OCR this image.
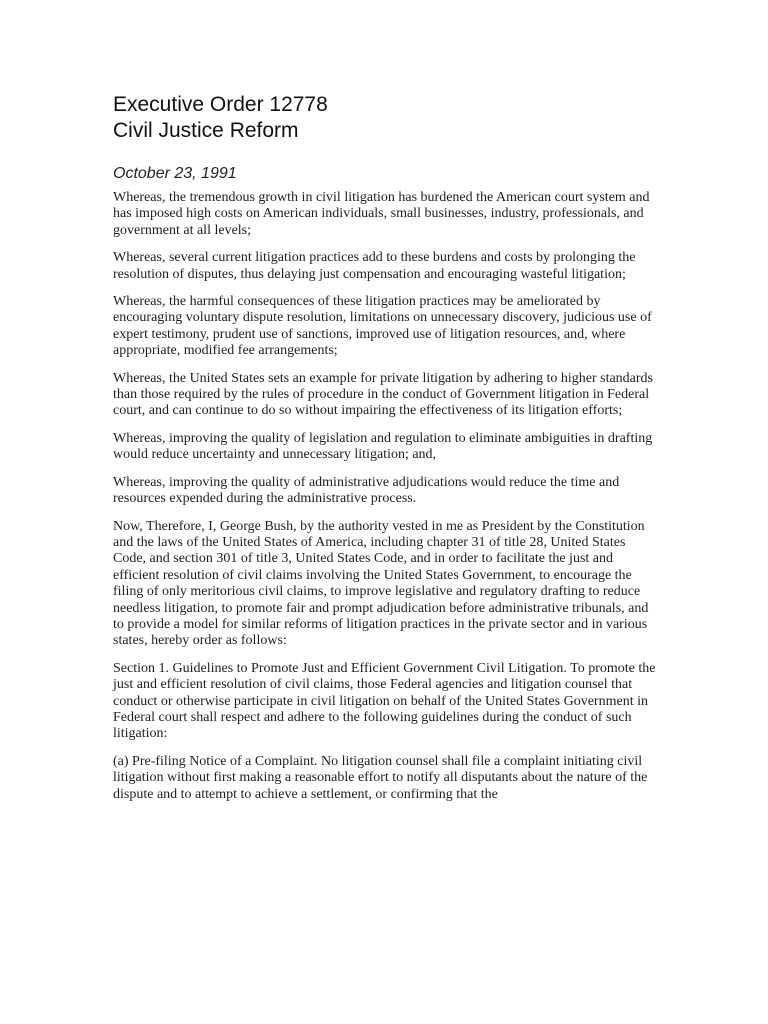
Executive Order 12778
Civil Justice Reform
October 23, 1991

Whereas, the tremendous growth in civil litigation has burdened the American court system and has imposed high costs on American individuals, small businesses, industry, professionals, and government at all levels;

Whereas, several current litigation practices add to these burdens and costs by prolonging the resolution of disputes, thus delaying just compensation and encouraging wasteful litigation;

Whereas, the harmful consequences of these litigation practices may be ameliorated by encouraging voluntary dispute resolution, limitations on unnecessary discovery, judicious use of expert testimony, prudent use of sanctions, improved use of litigation resources, and, where appropriate, modified fee arrangements;

Whereas, the United States sets an example for private litigation by adhering to higher standards than those required by the rules of procedure in the conduct of Government litigation in Federal court, and can continue to do so without impairing the effectiveness of its litigation efforts;

Whereas, improving the quality of legislation and regulation to eliminate ambiguities in drafting would reduce uncertainty and unnecessary litigation; and,

Whereas, improving the quality of administrative adjudications would reduce the time and resources expended during the administrative process.

Now, Therefore, I, George Bush, by the authority vested in me as President by the Constitution and the laws of the United States of America, including chapter 31 of title 28, United States Code, and section 301 of title 3, United States Code, and in order to facilitate the just and efficient resolution of civil claims involving the United States Government, to encourage the filing of only meritorious civil claims, to improve legislative and regulatory drafting to reduce needless litigation, to promote fair and prompt adjudication before administrative tribunals, and to provide a model for similar reforms of litigation practices in the private sector and in various states, hereby order as follows:

Section 1. Guidelines to Promote Just and Efficient Government Civil Litigation. To promote the just and efficient resolution of civil claims, those Federal agencies and litigation counsel that conduct or otherwise participate in civil litigation on behalf of the United States Government in Federal court shall respect and adhere to the following guidelines during the conduct of such litigation:

(a) Pre-filing Notice of a Complaint. No litigation counsel shall file a complaint initiating civil litigation without first making a reasonable effort to notify all disputants about the nature of the dispute and to attempt to achieve a settlement, or confirming that the
